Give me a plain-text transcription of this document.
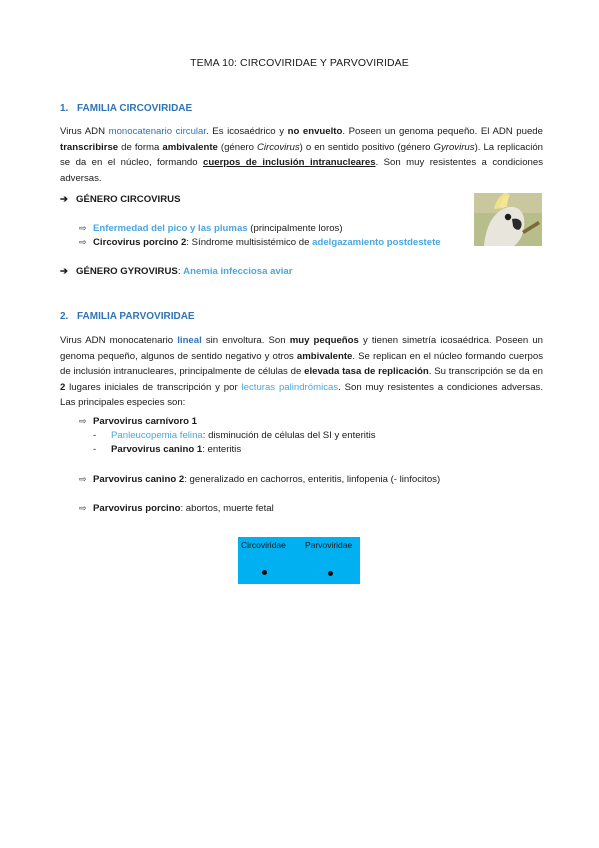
TEMA 10: CIRCOVIRIDAE Y PARVOVIRIDAE
1. FAMILIA CIRCOVIRIDAE
Virus ADN monocatenario circular. Es icosaédrico y no envuelto. Poseen un genoma pequeño. El ADN puede transcribirse de forma ambivalente (género Circovirus) o en sentido positivo (género Gyrovirus). La replicación se da en el núcleo, formando cuerpos de inclusión intranucleares. Son muy resistentes a condiciones adversas.
➔ GÉNERO CIRCOVIRUS
⇨ Enfermedad del pico y las plumas (principalmente loros)
⇨ Circovirus porcino 2: Síndrome multisistémico de adelgazamiento postdestete
➔ GÉNERO GYROVIRUS: Anemia infecciosa aviar
2. FAMILIA PARVOVIRIDAE
Virus ADN monocatenario lineal sin envoltura. Son muy pequeños y tienen simetría icosaédrica. Poseen un genoma pequeño, algunos de sentido negativo y otros ambivalente. Se replican en el núcleo formando cuerpos de inclusión intranucleares, principalmente de células de elevada tasa de replicación. Su transcripción se da en 2 lugares iniciales de transcripción y por lecturas palindrómicas. Son muy resistentes a condiciones adversas. Las principales especies son:
⇨ Parvovirus carnívoro 1
- Panleucopemia felina: disminución de células del SI y enteritis
- Parvovirus canino 1: enteritis
⇨ Parvovirus canino 2: generalizado en cachorros, enteritis, linfopenia (- linfocitos)
⇨ Parvovirus porcino: abortos, muerte fetal
Circoviridae Parvoviridae
